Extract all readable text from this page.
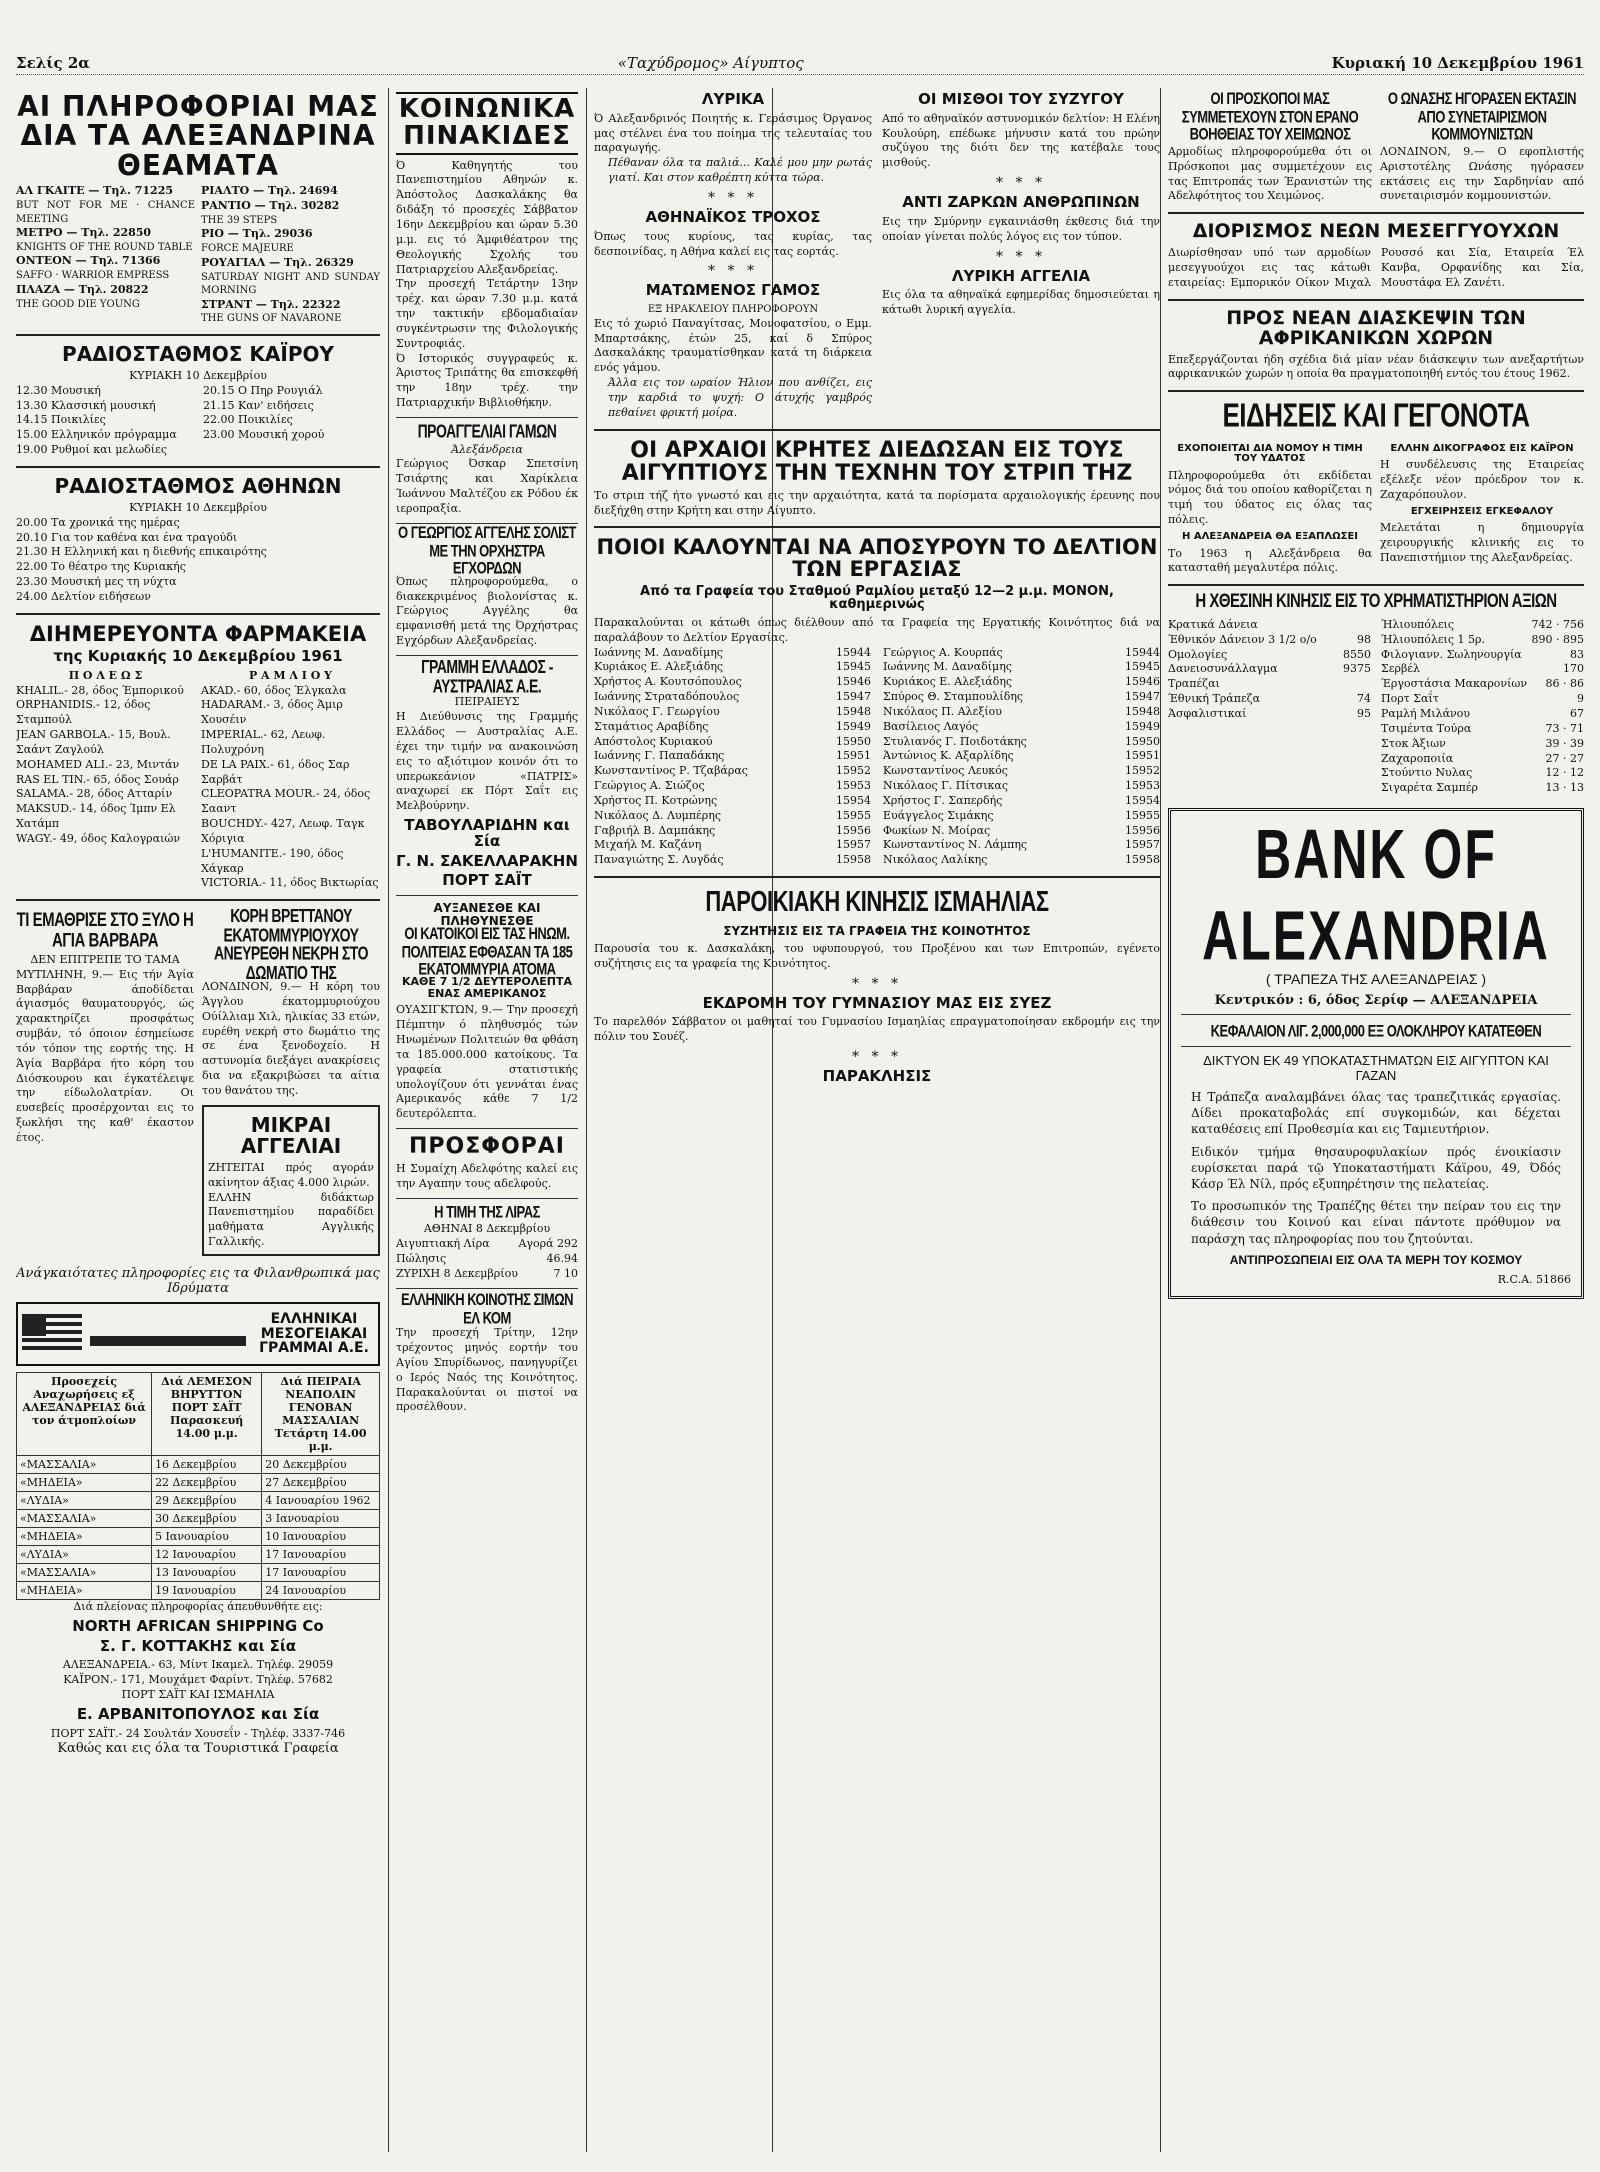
Σελίς 2α	«Ταχύδρομος» Αίγυπτος	Κυριακή 10 Δεκεμβρίου 1961
ΑΙ ΠΛΗΡΟΦΟΡΙΑΙ ΜΑΣ ΔΙΑ ΤΑ ΑΛΕΞΑΝΔΡΙΝΑ ΘΕΑΜΑΤΑ
ΑΛ ΓΚΑΙΤΕ — Τηλ. 71225
BUT NOT FOR ME · CHANCE MEETING
ΜΕΤΡΟ — Τηλ. 22850
KNIGHTS OF THE ROUND TABLE
ΟΝΤΕΟΝ — Τηλ. 71366
SAFFO · WARRIOR EMPRESS
ΠΛΑΖΑ — Τηλ. 20822
THE GOOD DIE YOUNG
ΡΙΑΛΤΟ — Τηλ. 24694
ΡΑΝΤΙΟ — Τηλ. 30282
THE 39 STEPS
ΡΙΟ — Τηλ. 29036
FORCE MAJEURE
ΡΟΥΑΓΙΑΛ — Τηλ. 26329
SATURDAY NIGHT AND SUNDAY MORNING
ΣΤΡΑΝΤ — Τηλ. 22322
THE GUNS OF NAVARONE
ΡΑΔΙΟΣΤΑΘΜΟΣ ΚΑΪΡΟΥ
ΚΥΡΙΑΚΗ 10 Δεκεμβρίου
12.30 Μουσική
13.30 Κλασσική μουσική
14.15 Ποικιλίες
15.00 Ελληνικόν πρόγραμμα
19.00 Ρυθμοί και μελωδίες
20.15 Ο Πηρ Ρουγιάλ
21.15 Καν' ειδήσεις
22.00 Ποικιλίες
23.00 Μουσική χορού
ΡΑΔΙΟΣΤΑΘΜΟΣ ΑΘΗΝΩΝ
ΚΥΡΙΑΚΗ 10 Δεκεμβρίου
20.00 Τα χρονικά της ημέρας
20.10 Για τον καθένα και ένα τραγούδι
21.30 Η Ελληνική και η διεθνής επικαιρότης
22.00 Το θέατρο της Κυριακής
23.30 Μουσική μες τη νύχτα
24.00 Δελτίον ειδήσεων
ΔΙΗΜΕΡΕΥΟΝΤΑ ΦΑΡΜΑΚΕΙΑ
της Κυριακής 10 Δεκεμβρίου 1961
Π Ο Λ Ε Ω Σ
KHALIL.- 28, όδος Έμπορικού
ORPHANIDIS.- 12, όδος Σταμπούλ
JEAN GARBOLA.- 15, Βουλ. Σαάντ Ζαγλούλ
ΜΟΗΑΜΕD ALI.- 23, Μιντάν
RAS EL TIN.- 65, όδος Σουάρ
SALAMA.- 28, όδος Ατταρίν
MAKSUD.- 14, όδος Ίμπν Ελ Χατάμπ
WAGY.- 49, όδος Καλογραιών
Ρ Α Μ Λ Ι Ο Υ
AKAD.- 60, όδος Έλγκαλα
HADARAM.- 3, όδος Άμιρ Χουσέιν
IMPERIAL.- 62, Λεωφ. Πολυχρόνη
DE LA PAIX.- 61, όδος Σαρ Σαρβάτ
CLEOPATRA MOUR.- 24, όδος Σααντ
BOUCHDY.- 427, Λεωφ. Ταγκ Χόριγια
L'HUMANITE.- 190, όδος Χάγκαρ
VICTORIA.- 11, όδος Βικτωρίας
ΤΙ ΕΜΑΘΡΙΣΕ ΣΤΟ ΞΥΛΟ Η ΑΓΙΑ ΒΑΡΒΑΡΑ
ΔΕΝ ΕΠΙΤΡΕΠΕ ΤΟ ΤΑΜΑ
ΜΥΤΙΛΗΝΗ, 9.— Εις τήν Άγία Βαρβάραν άποδίδεται άγιασμός θαυματουργός, ώς χαρακτηρίζει προσφάτως συμβάν, τό όποιον έσημείωσε τόν τόπον της εορτής της. Η Άγία Βαρβάρα ήτο κόρη του Διόσκουρου και έγκατέλειψε την είδωλολατρίαν. Οι ευσεβείς προσέρχονται εις το ξωκλήσι της καθ' έκαστον έτος.
ΚΟΡΗ ΒΡΕΤΤΑΝΟΥ ΕΚΑΤΟΜΜΥΡΙΟΥΧΟΥ ΑΝΕΥΡΕΘΗ ΝΕΚΡΗ ΣΤΟ ΔΩΜΑΤΙΟ ΤΗΣ
ΛΟΝΔΙΝΟΝ, 9.— Η κόρη του Άγγλου έκατομμυριούχου Ούίλλιαμ Χιλ, ηλικίας 33 ετών, ευρέθη νεκρή στο δωμάτιο της σε ένα ξενοδοχείο. Η αστυνομία διεξάγει ανακρίσεις δια να εξακριβώσει τα αίτια του θανάτου της.
ΜΙΚΡΑΙ ΑΓΓΕΛΙΑΙ
ΖΗΤΕΙΤΑΙ πρός αγοράν ακίνητον άξιας 4.000 λιρών.
ΕΛΛΗΝ διδάκτωρ Πανεπιστημίου παραδίδει μαθήματα Αγγλικής Γαλλικής.
Ανάγκαιότατες πληροφορίες εις τα Φιλανθρωπικά μας Ιδρύματα
ΕΛΛΗΝΙΚΑΙ ΜΕΣΟΓΕΙΑΚΑΙ ΓΡΑΜΜΑΙ Α.Ε.
Προσεχείς Αναχωρήσεις εξ ΑΛΕΞΑΝΔΡΕΙΑΣ διά τον άτμοπλοίων	Διά ΛΕΜΕΣΟΝ ΒΗΡΥΤΤΟΝ ΠΟΡΤ ΣΑΪΤ Παρασκευή 14.00 μ.μ.	Διά ΠΕΙΡΑΙΑ ΝΕΑΠΟΛΙΝ ΓΕΝΟΒΑΝ ΜΑΣΣΑΛΙΑΝ Τετάρτη 14.00 μ.μ.
«ΜΑΣΣΑΛΙΑ»	16 Δεκεμβρίου	20 Δεκεμβρίου
«ΜΗΔΕΙΑ»	22 Δεκεμβρίου	27 Δεκεμβρίου
«ΛΥΔΙΑ»	29 Δεκεμβρίου	4 Ιανουαρίου 1962
«ΜΑΣΣΑΛΙΑ»	30 Δεκεμβρίου	3 Ιανουαρίου
«ΜΗΔΕΙΑ»	5 Ιανουαρίου	10 Ιανουαρίου
«ΛΥΔΙΑ»	12 Ιανουαρίου	17 Ιανουαρίου
«ΜΑΣΣΑΛΙΑ»	13 Ιανουαρίου	17 Ιανουαρίου
«ΜΗΔΕΙΑ»	19 Ιανουαρίου	24 Ιανουαρίου
Διά πλείονας πληροφορίας άπευθυνθήτε εις:
NORTH AFRICAN SHIPPING Co
Σ. Γ. ΚΟΤΤΑΚΗΣ και Σία
ΑΛΕΞΑΝΔΡΕΙΑ.- 63, Μίντ Ικαμελ. Τηλέφ. 29059
ΚΑΪΡΟΝ.- 171, Μουχάμετ Φαρίντ. Τηλέφ. 57682
ΠΟΡΤ ΣΑΪΤ ΚΑΙ ΙΣΜΑΗΛΙΑ
Ε. ΑΡΒΑΝΙΤΟΠΟΥΛΟΣ και Σία
ΠΟΡΤ ΣΑΪΤ.- 24 Σουλτάν Χουσεΐν - Τηλέφ. 3337-746
Καθώς και εις όλα τα Τουριστικά Γραφεία
ΚΟΙΝΩΝΙΚΑ ΠΙΝΑΚΙΔΕΣ
Ό Καθηγητής του Πανεπιστημίου Αθηνών κ. Άπόστολος Δασκαλάκης θα διδάξη τό προσεχές Σάββατον 16ην Δεκεμβρίου και ώραν 5.30 μ.μ. εις τό Άμφιθέατρον της Θεολογικής Σχολής του Πατριαρχείου Αλεξανδρείας.
Την προσεχή Τετάρτην 13ην τρέχ. και ώραν 7.30 μ.μ. κατά την τακτικήν εβδομαδιαίαν συγκέντρωσιν της Φιλολογικής Συντροφιάς.
Ό Ιστορικός συγγραφεύς κ. Άριστος Τριπάτης θα επισκεφθή την 18ην τρέχ. την Πατριαρχικήν Βιβλιοθήκην.
ΠΡΟΑΓΓΕΛΙΑΙ ΓΑΜΩΝ
Άλεξάνδρεια
Γεώργιος Όσκαρ Σπετσίνη Τσιάρτης και Χαρίκλεια Ίωάννου Μαλτέζου εκ Ρόδου έκ ιεροπραξία.
Ο ΓΕΩΡΓΙΟΣ ΑΓΓΕΛΗΣ ΣΟΛΙΣΤ ΜΕ ΤΗΝ ΟΡΧΗΣΤΡΑ ΕΓΧΟΡΔΩΝ
Όπως πληροφορούμεθα, ο διακεκριμένος βιολονίστας κ. Γεώργιος Αγγέλης θα εμφανισθή μετά της Όρχήστρας Εγχόρδων Αλεξανδρείας.
ΓΡΑΜΜΗ ΕΛΛΑΔΟΣ - ΑΥΣΤΡΑΛΙΑΣ Α.Ε.
ΠΕΙΡΑΙΕΥΣ
Η Διεύθυνσις της Γραμμής Ελλάδος — Αυστραλίας Α.Ε. έχει την τιμήν να ανακοινώση εις το αξιότιμον κοινόν ότι το υπερωκεάνιον «ΠΑΤΡΙΣ» αναχωρεί εκ Πόρτ Σαΐτ εις Μελβούρνην.
ΤΑΒΟΥΛΑΡΙΔΗΝ και Σία
Γ. Ν. ΣΑΚΕΛΛΑΡΑΚΗΝ
ΠΟΡΤ ΣΑΪΤ
ΑΥΞΑΝΕΣΘΕ ΚΑΙ ΠΛΗΘΥΝΕΣΘΕ
ΟΙ ΚΑΤΟΙΚΟΙ ΕΙΣ ΤΑΣ ΗΝΩΜ. ΠΟΛΙΤΕΙΑΣ ΕΦΘΑΣΑΝ ΤΑ 185 ΕΚΑΤΟΜΜΥΡΙΑ ΑΤΟΜΑ
ΚΑΘΕ 7 1/2 ΔΕΥΤΕΡΟΛΕΠΤΑ ΕΝΑΣ ΑΜΕΡΙΚΑΝΟΣ
ΟΥΑΣΙΓΚΤΩΝ, 9.— Την προσεχή Πέμπτην ό πληθυσμός τών Ηνωμένων Πολιτειών θα φθάση τα 185.000.000 κατοίκους. Τα γραφεία στατιστικής υπολογίζουν ότι γεννάται ένας Αμερικανός κάθε 7 1/2 δευτερόλεπτα.
ΠΡΟΣΦΟΡΑΙ
Η Συμαίχη Αδελφότης καλεί εις την Αγαπην τους αδελφούς.
Η ΤΙΜΗ ΤΗΣ ΛΙΡΑΣ
ΑΘΗΝΑΙ 8 Δεκεμβρίου
Αιγυπτιακή Λίρα	Αγορά 292
Πώλησις	46.94
ΖΥΡΙΧΗ 8 Δεκεμβρίου	7 10
ΕΛΛΗΝΙΚΗ ΚΟΙΝΟΤΗΣ ΣΙΜΩΝ ΕΛ ΚΟΜ
Την προσεχή Τρίτην, 12ην τρέχοντος μηνός εορτήν του Αγίου Σπυρίδωνος, πανηγυρίζει ο Ιερός Ναός της Κοινότητος. Παρακαλούνται οι πιστοί να προσέλθουν.
ΛΥΡΙΚΑ
Ό Αλεξανδρινός Ποιητής κ. Γεράσιμος Όργανος μας στέλνει ένα του ποίημα της τελευταίας του παραγωγής.
Πέθαναν όλα τα παλιά... Καλέ μου μην ρωτάς γιατί. Και στον καθρέπτη κύττα τώρα.
* * *
ΑΘΗΝΑΪΚΟΣ ΤΡΟΧΟΣ
Όπως τους κυρίους, τας κυρίας, τας δεσποινίδας, η Αθήνα καλεί εις τας εορτάς.
* * *
ΜΑΤΩΜΕΝΟΣ ΓΑΜΟΣ
ΕΞ ΗΡΑΚΛΕΙΟΥ ΠΛΗΡΟΦΟΡΟΥΝ
Εις τό χωριό Παναγίτσας, Μονοφατσίου, ο Εμμ. Μπαρτσάκης, έτών 25, καί δ Σπύρος Δασκαλάκης τραυματίσθηκαν κατά τη διάρκεια ενός γάμου.
Άλλα εις τον ωραίον Ήλιον που ανθίζει, εις την καρδιά το ψυχή: Ο άτυχής γαμβρός πεθαίνει φρικτή μοίρα.
ΟΙ ΜΙΣΘΟΙ ΤΟΥ ΣΥΖΥΓΟΥ
Από το αθηναϊκόν αστυνομικόν δελτίον: Η Ελένη Κουλούρη, επέδωκε μήνυσιν κατά του πρώην συζύγου της διότι δεν της κατέβαλε τους μισθούς.
* * *
ΑΝΤΙ ΖΑΡΚΩΝ ΑΝΘΡΩΠΙΝΩΝ
Εις την Σμύρνην εγκαινιάσθη έκθεσις διά την οποίαν γίνεται πολύς λόγος εις τον τύπον.
* * *
ΛΥΡΙΚΗ ΑΓΓΕΛΙΑ
Εις όλα τα αθηναϊκά εφημερίδας δημοσιεύεται η κάτωθι λυρική αγγελία.
ΟΙ ΑΡΧΑΙΟΙ ΚΡΗΤΕΣ ΔΙΕΔΩΣΑΝ ΕΙΣ ΤΟΥΣ ΑΙΓΥΠΤΙΟΥΣ ΤΗΝ ΤΕΧΝΗΝ ΤΟΥ ΣΤΡΙΠ ΤΗΖ
Το στριπ τήζ ήτο γνωστό και εις την αρχαιότητα, κατά τα πορίσματα αρχαιολογικής έρευνης που διεξήχθη στην Κρήτη και στην Αίγυπτο.
ΠΟΙΟΙ ΚΑΛΟΥΝΤΑΙ ΝΑ ΑΠΟΣΥΡΟΥΝ ΤΟ ΔΕΛΤΙΟΝ ΤΩΝ ΕΡΓΑΣΙΑΣ
Από τα Γραφεία του Σταθμού Ραμλίου μεταξύ 12—2 μ.μ. ΜΟΝΟΝ, καθημερινώς
Παρακαλούνται οι κάτωθι όπως διέλθουν από τα Γραφεία της Εργατικής Κοινότητος διά να παραλάβουν το Δελτίον Εργασίας.
Ιωάννης Μ. Δαναδίμης	15944
Κυριάκος Ε. Αλεξιάδης	15945
Χρήστος Α. Κουτσόπουλος	15946
Ιωάννης Στραταδόπουλος	15947
Νικόλαος Γ. Γεωργίου	15948
Σταμάτιος Αραβίδης	15949
Απόστολος Κυριακού	15950
Ιωάννης Γ. Παπαδάκης	15951
Κωνσταντίνος Ρ. Τζαβάρας	15952
Γεώργιος Α. Σιώζος	15953
Χρήστος Π. Κοτρώνης	15954
Νικόλαος Δ. Λυμπέρης	15955
Γαβριήλ Β. Δαμπάκης	15956
Μιχαήλ Μ. Καζάνη	15957
Παναγιώτης Σ. Λυγδάς	15958
Γεώργιος Α. Κουρπάς	15944
Ιωάννης Μ. Δαναδίμης	15945
Κυριάκος Ε. Αλεξιάδης	15946
Σπύρος Θ. Σταμπουλίδης	15947
Νικόλαος Π. Αλεξίου	15948
Βασίλειος Λαγός	15949
Στυλιανός Γ. Ποιδοτάκης	15950
Άντώνιος Κ. Αξαρλίδης	15951
Κωνσταντίνος Λευκός	15952
Νικόλαος Γ. Πίτσικας	15953
Χρήστος Γ. Σαπερδής	15954
Ευάγγελος Σιμάκης	15955
Φωκίων Ν. Μοίρας	15956
Κωνσταντίνος Ν. Λάμπης	15957
Νικόλαος Λαλίκης	15958
ΠΑΡΟΙΚΙΑΚΗ ΚΙΝΗΣΙΣ ΙΣΜΑΗΛΙΑΣ
ΣΥΖΗΤΗΣΙΣ ΕΙΣ ΤΑ ΓΡΑΦΕΙΑ ΤΗΣ ΚΟΙΝΟΤΗΤΟΣ
Παρουσία του κ. Δασκαλάκη, του υφυπουργού, του Προξένου και των Επιτροπών, εγένετο συζήτησις εις τα γραφεία της Κοινότητος.
* * *
ΕΚΔΡΟΜΗ ΤΟΥ ΓΥΜΝΑΣΙΟΥ ΜΑΣ ΕΙΣ ΣΥΕΖ
Το παρελθόν Σάββατον οι μαθηταί του Γυμνασίου Ισμαηλίας επραγματοποίησαν εκδρομήν εις την πόλιν του Σουέζ.
* * *
ΠΑΡΑΚΛΗΣΙΣ
ΟΙ ΠΡΟΣΚΟΠΟΙ ΜΑΣ ΣΥΜΜΕΤΕΧΟΥΝ ΣΤΟΝ ΕΡΑΝΟ ΒΟΗΘΕΙΑΣ ΤΟΥ ΧΕΙΜΩΝΟΣ
Αρμοδίως πληροφορούμεθα ότι οι Πρόσκοποι μας συμμετέχουν εις τας Επιτροπάς των Έρανιστών της Αδελφότητος του Χειμώνος.
Ο ΩΝΑΣΗΣ ΗΓΟΡΑΣΕΝ ΕΚΤΑΣΙΝ ΑΠΟ ΣΥΝΕΤΑΙΡΙΣΜΟΝ ΚΟΜΜΟΥΝΙΣΤΩΝ
ΛΟΝΔΙΝΟΝ, 9.— Ο εφοπλιστής Αριστοτέλης Ωνάσης ηγόρασεν εκτάσεις εις την Σαρδηνίαν από συνεταιρισμόν κομμουνιστών.
ΔΙΟΡΙΣΜΟΣ ΝΕΩΝ ΜΕΣΕΓΓΥΟΥΧΩΝ
Διωρίσθησαν υπό των αρμοδίων μεσεγγυούχοι εις τας κάτωθι εταιρείας: Εμπορικόν Οίκον Μιχαλ Ρουσσό και Σία, Εταιρεία Έλ Κανβα, Ορφανίδης και Σία, Μουστάφα Ελ Ζανέτι.
ΠΡΟΣ ΝΕΑΝ ΔΙΑΣΚΕΨΙΝ ΤΩΝ ΑΦΡΙΚΑΝΙΚΩΝ ΧΩΡΩΝ
Επεξεργάζονται ήδη σχέδια διά μίαν νέαν διάσκεψιν των ανεξαρτήτων αφρικανικών χωρών η οποία θα πραγματοποιηθή εντός του έτους 1962.
ΕΙΔΗΣΕΙΣ ΚΑΙ ΓΕΓΟΝΟΤΑ
ΕΧΟΠΟΙΕΙΤΑΙ ΔΙΑ ΝΟΜΟΥ Η ΤΙΜΗ ΤΟΥ ΥΔΑΤΟΣ
Πληροφορούμεθα ότι εκδίδεται νόμος διά του οποίου καθορίζεται η τιμή του ύδατος εις όλας τας πόλεις.
Η ΑΛΕΞΑΝΔΡΕΙΑ ΘΑ ΕΞΑΠΛΩΣΕΙ
Το 1963 η Αλεξάνδρεια θα κατασταθή μεγαλυτέρα πόλις.
ΕΛΛΗΝ ΔΙΚΟΓΡΑΦΟΣ ΕΙΣ ΚΑΪΡΟΝ
Η συνδέλευσις της Εταιρείας εξέλεξε νέον πρόεδρον τον κ. Ζαχαρόπουλον.
ΕΓΧΕΙΡΗΣΕΙΣ ΕΓΚΕΦΑΛΟΥ
Μελετάται η δημιουργία χειρουργικής κλινικής εις το Πανεπιστήμιον της Αλεξανδρείας.
Η ΧΘΕΣΙΝΗ ΚΙΝΗΣΙΣ ΕΙΣ ΤΟ ΧΡΗΜΑΤΙΣΤΗΡΙΟΝ ΑΞΙΩΝ
Κρατικά Δάνεια
Έθνικόν Δάνειον 3 1/2 ο/ο	98
Ομολογίες	8550
Δανειοσυνάλλαγμα	9375
Τραπέζαι
Έθνική Τράπεζα	74
Άσφαλιστικαί	95
Ήλιουπόλεις	742 · 756
Ήλιουπόλεις 1 5ρ.	890 · 895
Φιλογιανν. Σωληνουργία	83
Σερβέλ	170
Έργοστάσια Μακαρονίων 86 · 86
Πορτ Σαΐτ	9
Ραμλή Μιλάνου	67
Τσιμέντα Τούρα	73 · 71
Στοκ Άξιων	39 · 39
Ζαχαροποιία	27 · 27
Στούντιο Νυλας	12 · 12
Σιγαρέτα Σαμπέρ	13 · 13
BANK OF ALEXANDRIA
( ΤΡΑΠΕΖΑ ΤΗΣ ΑΛΕΞΑΝΔΡΕΙΑΣ )
Κεντρικόν : 6, όδος Σερίφ — ΑΛΕΞΑΝΔΡΕΙΑ
ΚΕΦΑΛΑΙΟΝ ΛΙΓ. 2,000,000 ΕΞ ΟΛΟΚΛΗΡΟΥ ΚΑΤΑΤΕΘΕΝ
ΔΙΚΤΥΟΝ ΕΚ 49 ΥΠΟΚΑΤΑΣΤΗΜΑΤΩΝ ΕΙΣ ΑΙΓΥΠΤΟΝ ΚΑΙ ΓΑΖΑΝ
Η Τράπεζα αναλαμβάνει όλας τας τραπεζιτικάς εργασίας. Δίδει προκαταβολάς επί συγκομιδών, και δέχεται καταθέσεις επί Προθεσμία και εις Ταμιευτήριον.
Ειδικόν τμήμα θησαυροφυλακίων πρός ένοικίασιν ευρίσκεται παρά τῷ Υποκαταστήματι Κάϊρου, 49, Όδός Κάσρ Έλ Νίλ, πρός εξυπηρέτησιν της πελατείας.
Το προσωπικόν της Τραπέζης θέτει την πείραν του εις την διάθεσιν του Κοινού και είναι πάντοτε πρόθυμον να παράσχη τας πληροφορίας που του ζητούνται.
ΑΝΤΙΠΡΟΣΩΠΕΙΑΙ ΕΙΣ ΟΛΑ ΤΑ ΜΕΡΗ ΤΟΥ ΚΟΣΜΟΥ
R.C.A. 51866
